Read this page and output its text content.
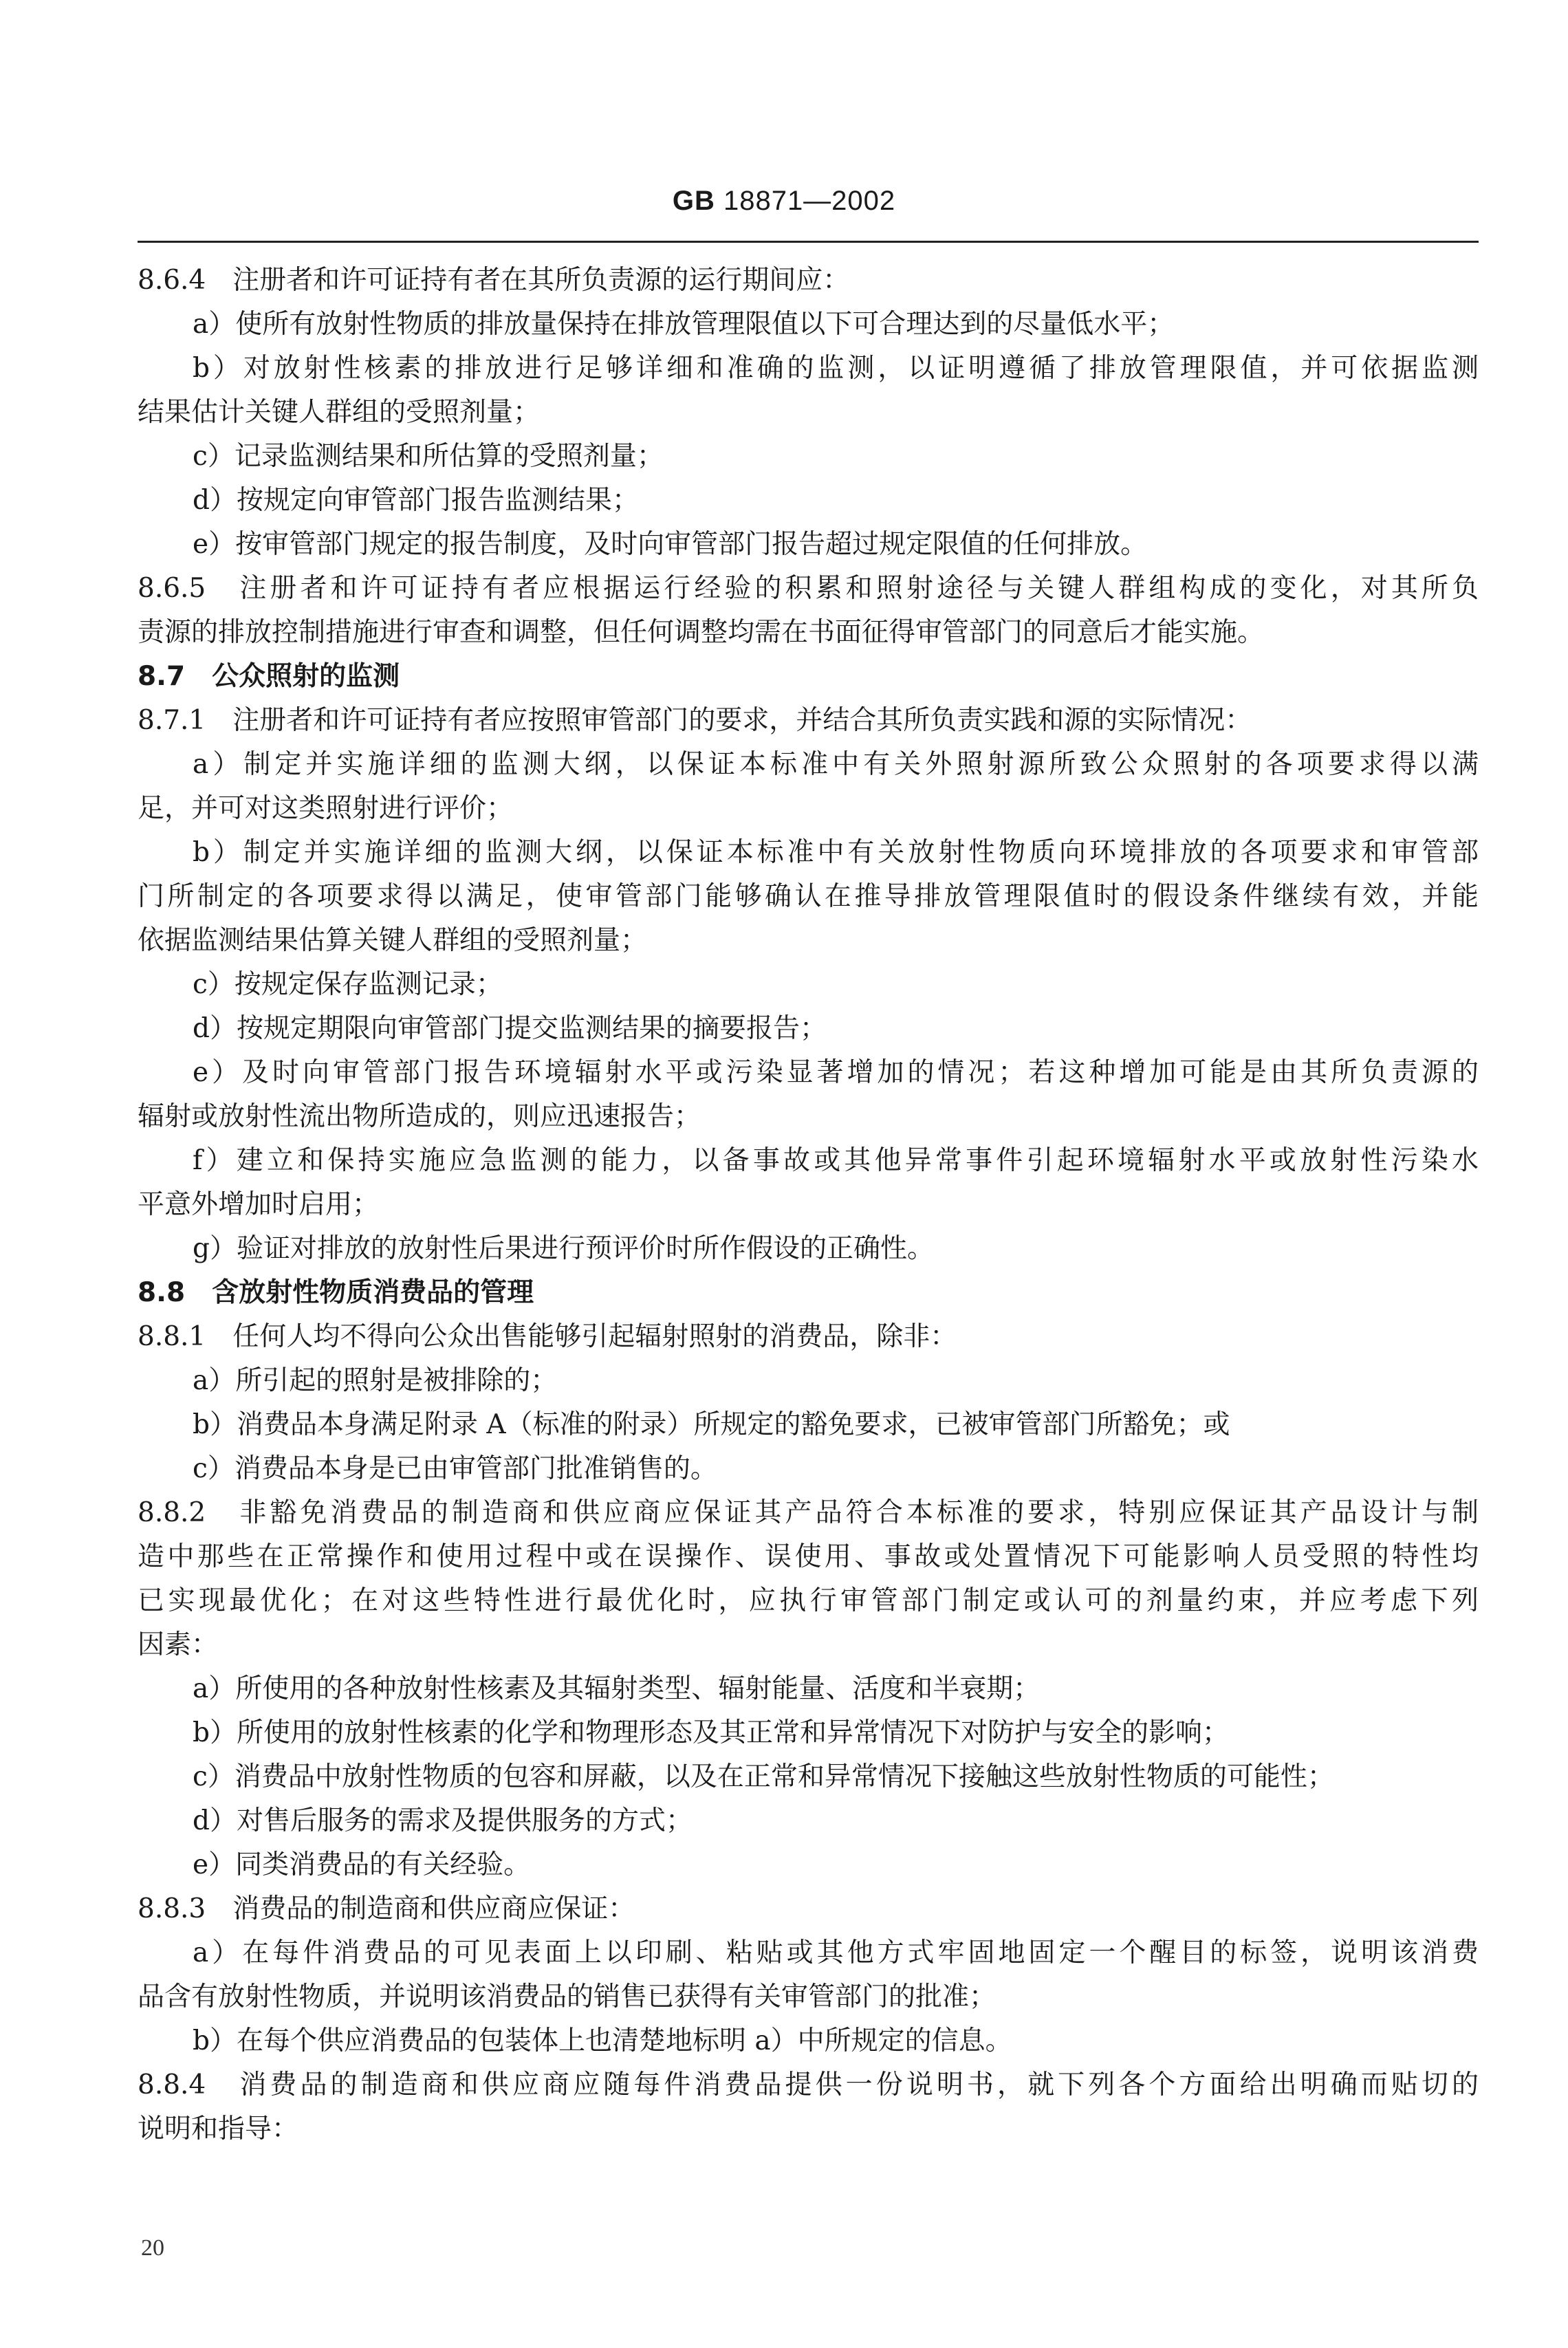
GB 18871—2002
8.6.4　注册者和许可证持有者在其所负责源的运行期间应：
a）使所有放射性物质的排放量保持在排放管理限值以下可合理达到的尽量低水平；
b）对放射性核素的排放进行足够详细和准确的监测，以证明遵循了排放管理限值，并可依据监测
结果估计关键人群组的受照剂量；
c）记录监测结果和所估算的受照剂量；
d）按规定向审管部门报告监测结果；
e）按审管部门规定的报告制度，及时向审管部门报告超过规定限值的任何排放。
8.6.5　注册者和许可证持有者应根据运行经验的积累和照射途径与关键人群组构成的变化，对其所负
责源的排放控制措施进行审查和调整，但任何调整均需在书面征得审管部门的同意后才能实施。
8.7　公众照射的监测
8.7.1　注册者和许可证持有者应按照审管部门的要求，并结合其所负责实践和源的实际情况：
a）制定并实施详细的监测大纲，以保证本标准中有关外照射源所致公众照射的各项要求得以满
足，并可对这类照射进行评价；
b）制定并实施详细的监测大纲，以保证本标准中有关放射性物质向环境排放的各项要求和审管部
门所制定的各项要求得以满足，使审管部门能够确认在推导排放管理限值时的假设条件继续有效，并能
依据监测结果估算关键人群组的受照剂量；
c）按规定保存监测记录；
d）按规定期限向审管部门提交监测结果的摘要报告；
e）及时向审管部门报告环境辐射水平或污染显著增加的情况；若这种增加可能是由其所负责源的
辐射或放射性流出物所造成的，则应迅速报告；
f）建立和保持实施应急监测的能力，以备事故或其他异常事件引起环境辐射水平或放射性污染水
平意外增加时启用；
g）验证对排放的放射性后果进行预评价时所作假设的正确性。
8.8　含放射性物质消费品的管理
8.8.1　任何人均不得向公众出售能够引起辐射照射的消费品，除非：
a）所引起的照射是被排除的；
b）消费品本身满足附录 A（标准的附录）所规定的豁免要求，已被审管部门所豁免；或
c）消费品本身是已由审管部门批准销售的。
8.8.2　非豁免消费品的制造商和供应商应保证其产品符合本标准的要求，特别应保证其产品设计与制
造中那些在正常操作和使用过程中或在误操作、误使用、事故或处置情况下可能影响人员受照的特性均
已实现最优化；在对这些特性进行最优化时，应执行审管部门制定或认可的剂量约束，并应考虑下列
因素：
a）所使用的各种放射性核素及其辐射类型、辐射能量、活度和半衰期；
b）所使用的放射性核素的化学和物理形态及其正常和异常情况下对防护与安全的影响；
c）消费品中放射性物质的包容和屏蔽，以及在正常和异常情况下接触这些放射性物质的可能性；
d）对售后服务的需求及提供服务的方式；
e）同类消费品的有关经验。
8.8.3　消费品的制造商和供应商应保证：
a）在每件消费品的可见表面上以印刷、粘贴或其他方式牢固地固定一个醒目的标签，说明该消费
品含有放射性物质，并说明该消费品的销售已获得有关审管部门的批准；
b）在每个供应消费品的包装体上也清楚地标明 a）中所规定的信息。
8.8.4　消费品的制造商和供应商应随每件消费品提供一份说明书，就下列各个方面给出明确而贴切的
说明和指导：
20
